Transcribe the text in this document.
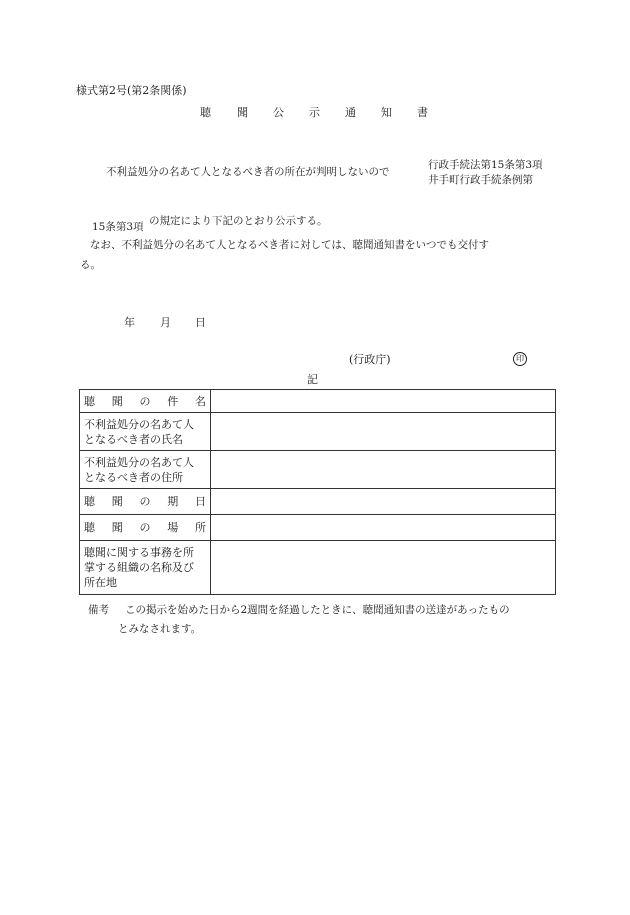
様式第2号(第2条関係)
聴 聞 公 示 通 知 書
不利益処分の名あて人となるべき者の所在が判明しないので
行政手続法第15条第3項
井手町行政手続条例第
15条第3項 の規定により下記のとおり公示する。
なお、不利益処分の名あて人となるべき者に対しては、聴聞通知書をいつでも交付す
る。
年 月 日
(行政庁)	印
記
聴 聞 の 件 名	

不利益処分の名あて人
となるべき者の氏名	

不利益処分の名あて人
となるべき者の住所	

聴 聞 の 期 日	

聴 聞 の 場 所	

聴聞に関する事務を所
掌する組織の名称及び
所在地	

備考 この掲示を始めた日から2週間を経過したときに、聴聞通知書の送達があったもの
とみなされます。
